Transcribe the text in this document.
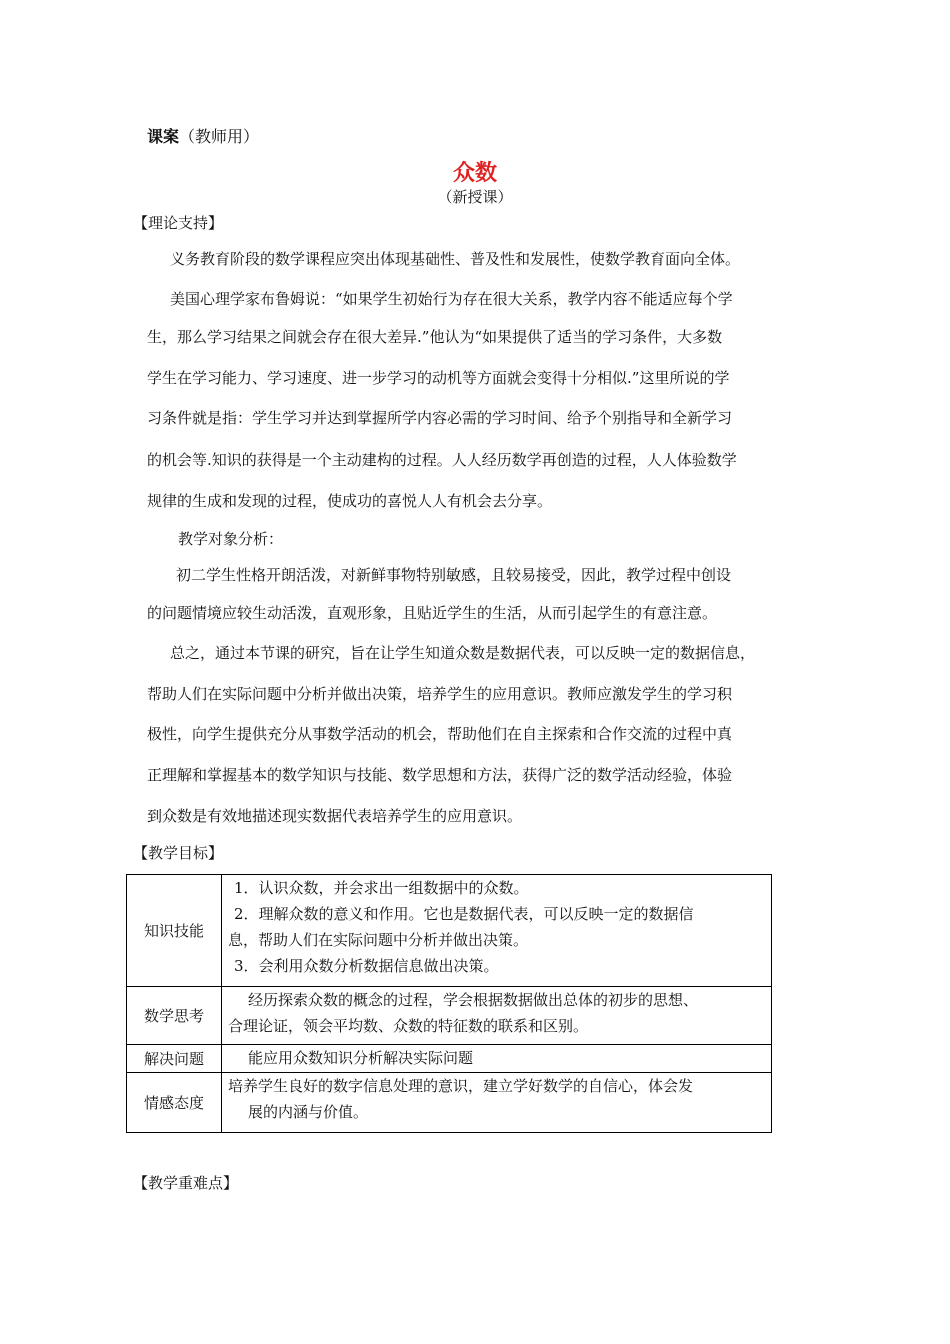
课案（教师用）
众数
（新授课）
【理论支持】
义务教育阶段的数学课程应突出体现基础性、普及性和发展性，使数学教育面向全体。
美国心理学家布鲁姆说：“如果学生初始行为存在很大关系，教学内容不能适应每个学
生，那么学习结果之间就会存在很大差异.”他认为“如果提供了适当的学习条件，大多数
学生在学习能力、学习速度、进一步学习的动机等方面就会变得十分相似.”这里所说的学
习条件就是指：学生学习并达到掌握所学内容必需的学习时间、给予个别指导和全新学习
的机会等.知识的获得是一个主动建构的过程。人人经历数学再创造的过程，人人体验数学
规律的生成和发现的过程，使成功的喜悦人人有机会去分享。
教学对象分析：
初二学生性格开朗活泼，对新鲜事物特别敏感，且较易接受，因此，教学过程中创设
的问题情境应较生动活泼，直观形象，且贴近学生的生活，从而引起学生的有意注意。
总之，通过本节课的研究，旨在让学生知道众数是数据代表，可以反映一定的数据信息，
帮助人们在实际问题中分析并做出决策，培养学生的应用意识。教师应激发学生的学习积
极性，向学生提供充分从事数学活动的机会，帮助他们在自主探索和合作交流的过程中真
正理解和掌握基本的数学知识与技能、数学思想和方法，获得广泛的数学活动经验，体验
到众数是有效地描述现实数据代表培养学生的应用意识。
【教学目标】
知识技能	1．认识众数，并会求出一组数据中的众数。
2．理解众数的意义和作用。它也是数据代表，可以反映一定的数据信
息，帮助人们在实际问题中分析并做出决策。
3．会利用众数分析数据信息做出决策。

数学思考	经历探索众数的概念的过程，学会根据数据做出总体的初步的思想、
合理论证，领会平均数、众数的特征数的联系和区别。

解决问题	能应用众数知识分析解决实际问题

情感态度	培养学生良好的数字信息处理的意识，建立学好数学的自信心，体会发
展的内涵与价值。
【教学重难点】
